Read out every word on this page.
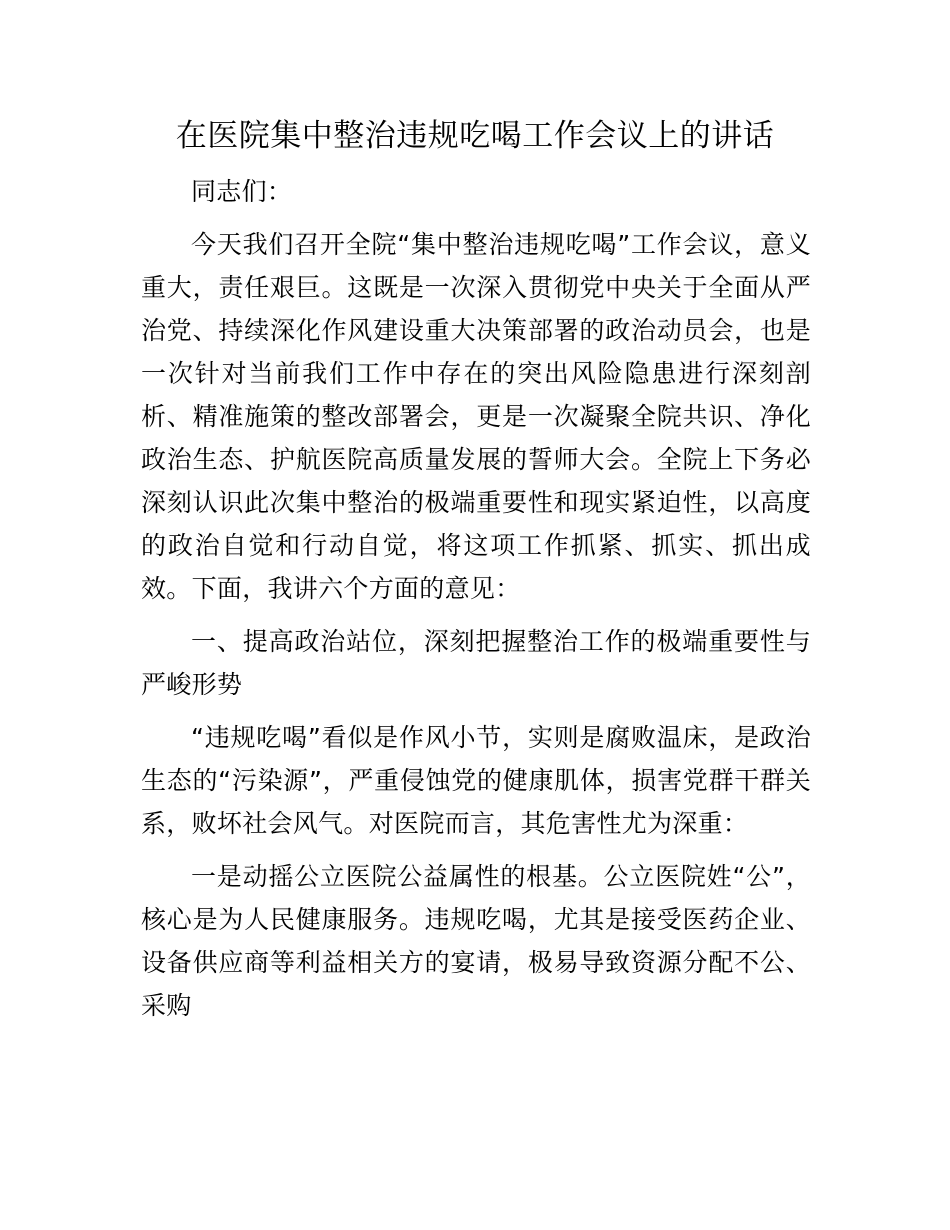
在医院集中整治违规吃喝工作会议上的讲话

同志们：

今天我们召开全院“集中整治违规吃喝”工作会议，意义重大，责任艰巨。这既是一次深入贯彻党中央关于全面从严治党、持续深化作风建设重大决策部署的政治动员会，也是一次针对当前我们工作中存在的突出风险隐患进行深刻剖析、精准施策的整改部署会，更是一次凝聚全院共识、净化政治生态、护航医院高质量发展的誓师大会。全院上下务必深刻认识此次集中整治的极端重要性和现实紧迫性，以高度的政治自觉和行动自觉，将这项工作抓紧、抓实、抓出成效。下面，我讲六个方面的意见：

一、提高政治站位，深刻把握整治工作的极端重要性与严峻形势

“违规吃喝”看似是作风小节，实则是腐败温床，是政治生态的“污染源”，严重侵蚀党的健康肌体，损害党群干群关系，败坏社会风气。对医院而言，其危害性尤为深重：

一是动摇公立医院公益属性的根基。公立医院姓“公”，核心是为人民健康服务。违规吃喝，尤其是接受医药企业、设备供应商等利益相关方的宴请，极易导致资源分配不公、采购
